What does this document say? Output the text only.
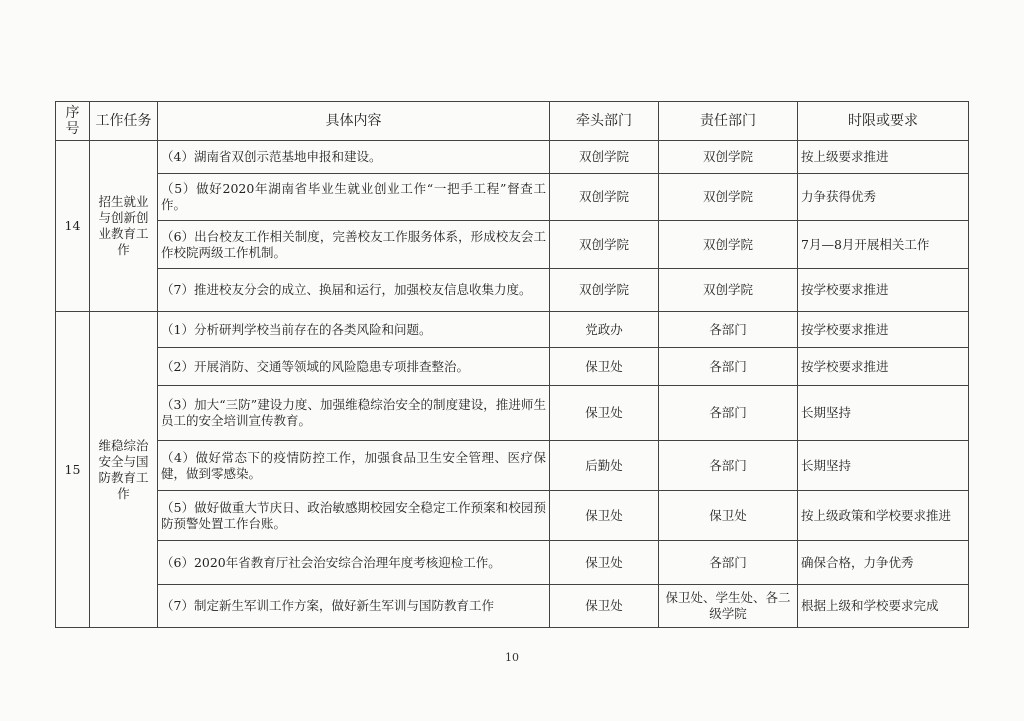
序号	工作任务	具体内容	牵头部门	责任部门	时限或要求
14	招生就业与创新创业教育工作	（4）湖南省双创示范基地申报和建设。	双创学院	双创学院	按上级要求推进
		（5）做好2020年湖南省毕业生就业创业工作“一把手工程”督查工作。	双创学院	双创学院	力争获得优秀
		（6）出台校友工作相关制度，完善校友工作服务体系，形成校友会工作校院两级工作机制。	双创学院	双创学院	7月—8月开展相关工作
		（7）推进校友分会的成立、换届和运行，加强校友信息收集力度。	双创学院	双创学院	按学校要求推进
15	维稳综治安全与国防教育工作	（1）分析研判学校当前存在的各类风险和问题。	党政办	各部门	按学校要求推进
		（2）开展消防、交通等领域的风险隐患专项排查整治。	保卫处	各部门	按学校要求推进
		（3）加大“三防”建设力度、加强维稳综治安全的制度建设，推进师生员工的安全培训宣传教育。	保卫处	各部门	长期坚持
		（4）做好常态下的疫情防控工作，加强食品卫生安全管理、医疗保健，做到零感染。	后勤处	各部门	长期坚持
		（5）做好做重大节庆日、政治敏感期校园安全稳定工作预案和校园预防预警处置工作台账。	保卫处	保卫处	按上级政策和学校要求推进
		（6）2020年省教育厅社会治安综合治理年度考核迎检工作。	保卫处	各部门	确保合格，力争优秀
		（7）制定新生军训工作方案，做好新生军训与国防教育工作	保卫处	保卫处、学生处、各二级学院	根据上级和学校要求完成
10
